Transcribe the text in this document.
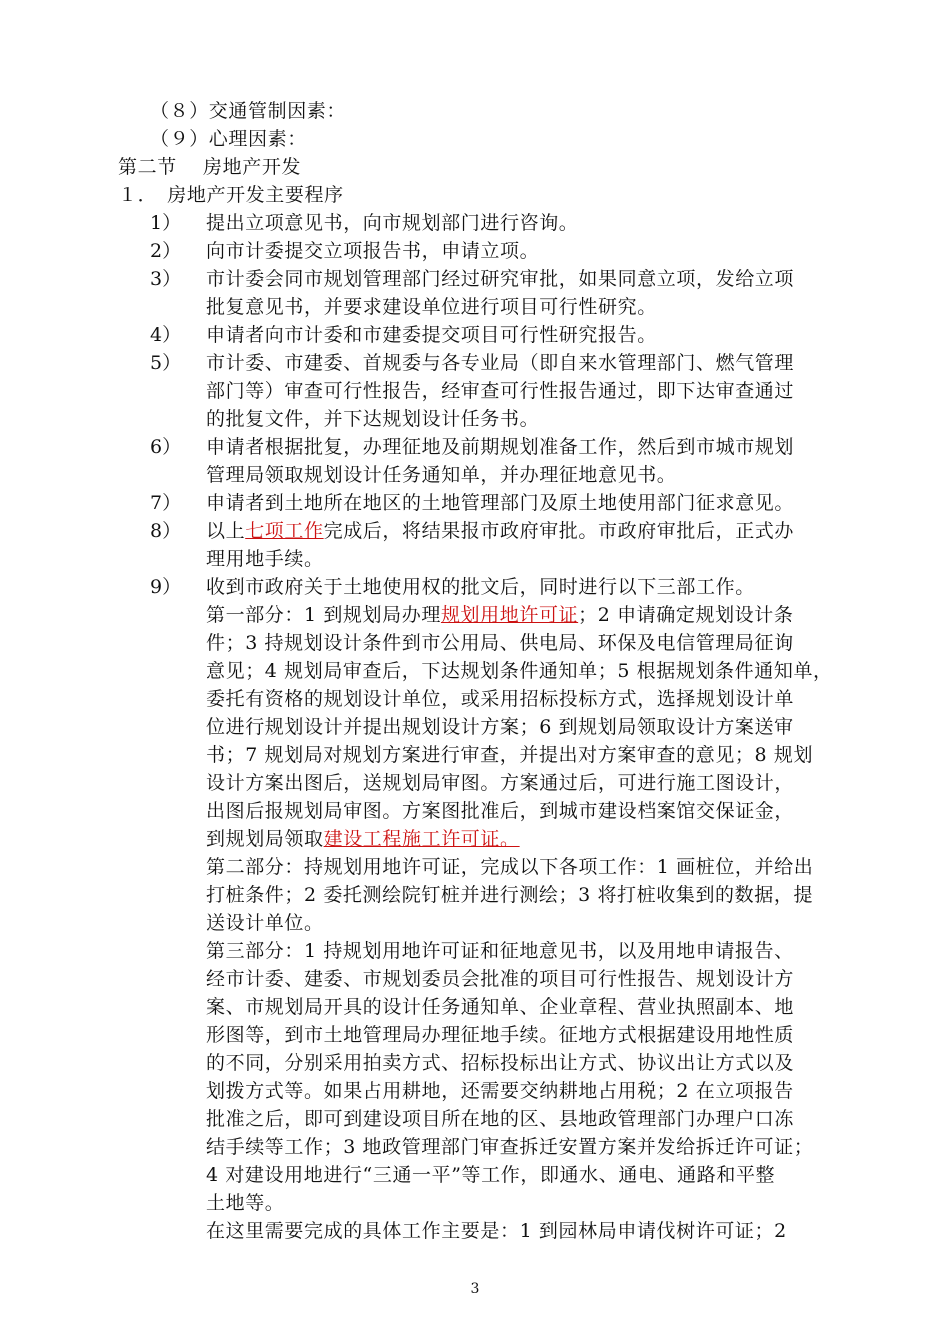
（８）交通管制因素：
（９）心理因素：
第二节　 房地产开发
１．　房地产开发主要程序
1） 提出立项意见书，向市规划部门进行咨询。
2） 向市计委提交立项报告书，申请立项。
3） 市计委会同市规划管理部门经过研究审批，如果同意立项，发给立项
批复意见书，并要求建设单位进行项目可行性研究。
4） 申请者向市计委和市建委提交项目可行性研究报告。
5） 市计委、市建委、首规委与各专业局（即自来水管理部门、燃气管理
部门等）审查可行性报告，经审查可行性报告通过，即下达审查通过
的批复文件，并下达规划设计任务书。
6） 申请者根据批复，办理征地及前期规划准备工作，然后到市城市规划
管理局领取规划设计任务通知单，并办理征地意见书。
7） 申请者到土地所在地区的土地管理部门及原土地使用部门征求意见。
8） 以上七项工作完成后，将结果报市政府审批。市政府审批后，正式办
理用地手续。
9） 收到市政府关于土地使用权的批文后，同时进行以下三部工作。
第一部分：1 到规划局办理规划用地许可证；2 申请确定规划设计条
件；3 持规划设计条件到市公用局、供电局、环保及电信管理局征询
意见；4 规划局审查后，下达规划条件通知单；5 根据规划条件通知单，
委托有资格的规划设计单位，或采用招标投标方式，选择规划设计单
位进行规划设计并提出规划设计方案；6 到规划局领取设计方案送审
书；7 规划局对规划方案进行审查，并提出对方案审查的意见；8 规划
设计方案出图后，送规划局审图。方案通过后，可进行施工图设计，
出图后报规划局审图。方案图批准后，到城市建设档案馆交保证金，
到规划局领取建设工程施工许可证。
第二部分：持规划用地许可证，完成以下各项工作：1 画桩位，并给出
打桩条件；2 委托测绘院钉桩并进行测绘；3 将打桩收集到的数据，提
送设计单位。
第三部分：1 持规划用地许可证和征地意见书，以及用地申请报告、
经市计委、建委、市规划委员会批准的项目可行性报告、规划设计方
案、市规划局开具的设计任务通知单、企业章程、营业执照副本、地
形图等，到市土地管理局办理征地手续。征地方式根据建设用地性质
的不同，分别采用拍卖方式、招标投标出让方式、协议出让方式以及
划拨方式等。如果占用耕地，还需要交纳耕地占用税；2 在立项报告
批准之后，即可到建设项目所在地的区、县地政管理部门办理户口冻
结手续等工作；3 地政管理部门审查拆迁安置方案并发给拆迁许可证；
4 对建设用地进行“三通一平”等工作，即通水、通电、通路和平整
土地等。
在这里需要完成的具体工作主要是：1 到园林局申请伐树许可证；2
3
